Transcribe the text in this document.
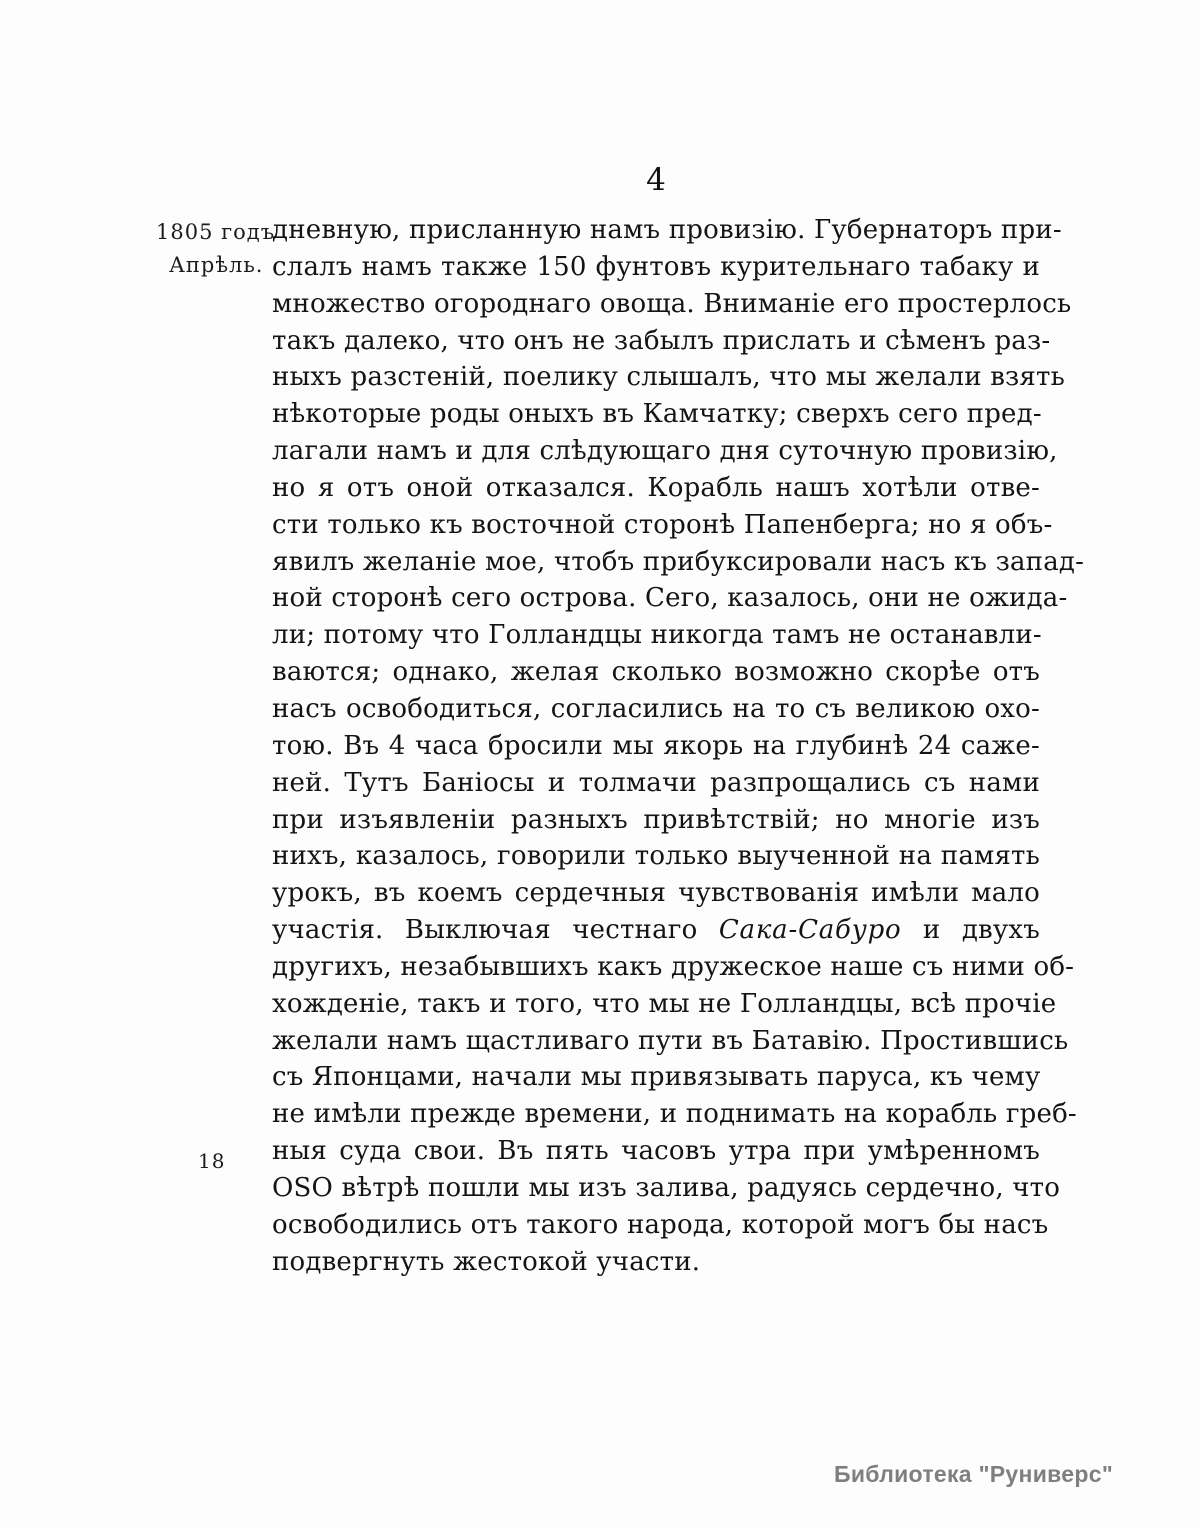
4
1805 годъ
Апрѣль.
18
дневную, присланную намъ провизію. Губернаторъ при-
слалъ намъ также 150 фунтовъ курительнаго табаку и
множество огороднаго овоща. Вниманіе его простерлось
такъ далеко, что онъ не забылъ прислать и сѣменъ раз-
ныхъ разстеній, поелику слышалъ, что мы желали взять
нѣкоторые роды оныхъ въ Камчатку; сверхъ сего пред-
лагали намъ и для слѣдующаго дня суточную провизію,
но я отъ оной отказался. Корабль нашъ хотѣли отве-
сти только къ восточной сторонѣ Папенберга; но я объ-
явилъ желаніе мое, чтобъ прибуксировали насъ къ запад-
ной сторонѣ сего острова. Сего, казалось, они не ожида-
ли; потому что Голландцы никогда тамъ не останавли-
ваются; однако, желая сколько возможно скорѣе отъ
насъ освободиться, согласились на то съ великою охо-
тою. Въ 4 часа бросили мы якорь на глубинѣ 24 саже-
ней. Тутъ Баніосы и толмачи разпрощались съ нами
при изъявленіи разныхъ привѣтствій; но многіе изъ
нихъ, казалось, говорили только выученной на память
урокъ, въ коемъ сердечныя чувствованія имѣли мало
участія. Выключая честнаго Сака-Сабуро и двухъ
другихъ, незабывшихъ какъ дружеское наше съ ними об-
хожденіе, такъ и того, что мы не Голландцы, всѣ прочіе
желали намъ щастливаго пути въ Батавію. Простившись
съ Японцами, начали мы привязывать паруса, къ чему
не имѣли прежде времени, и поднимать на корабль греб-
ныя суда свои. Въ пять часовъ утра при умѣренномъ
OSO вѣтрѣ пошли мы изъ залива, радуясь сердечно, что
освободились отъ такого народа, которой могъ бы насъ
подвергнуть жестокой участи.
Библиотека "Руниверс"
